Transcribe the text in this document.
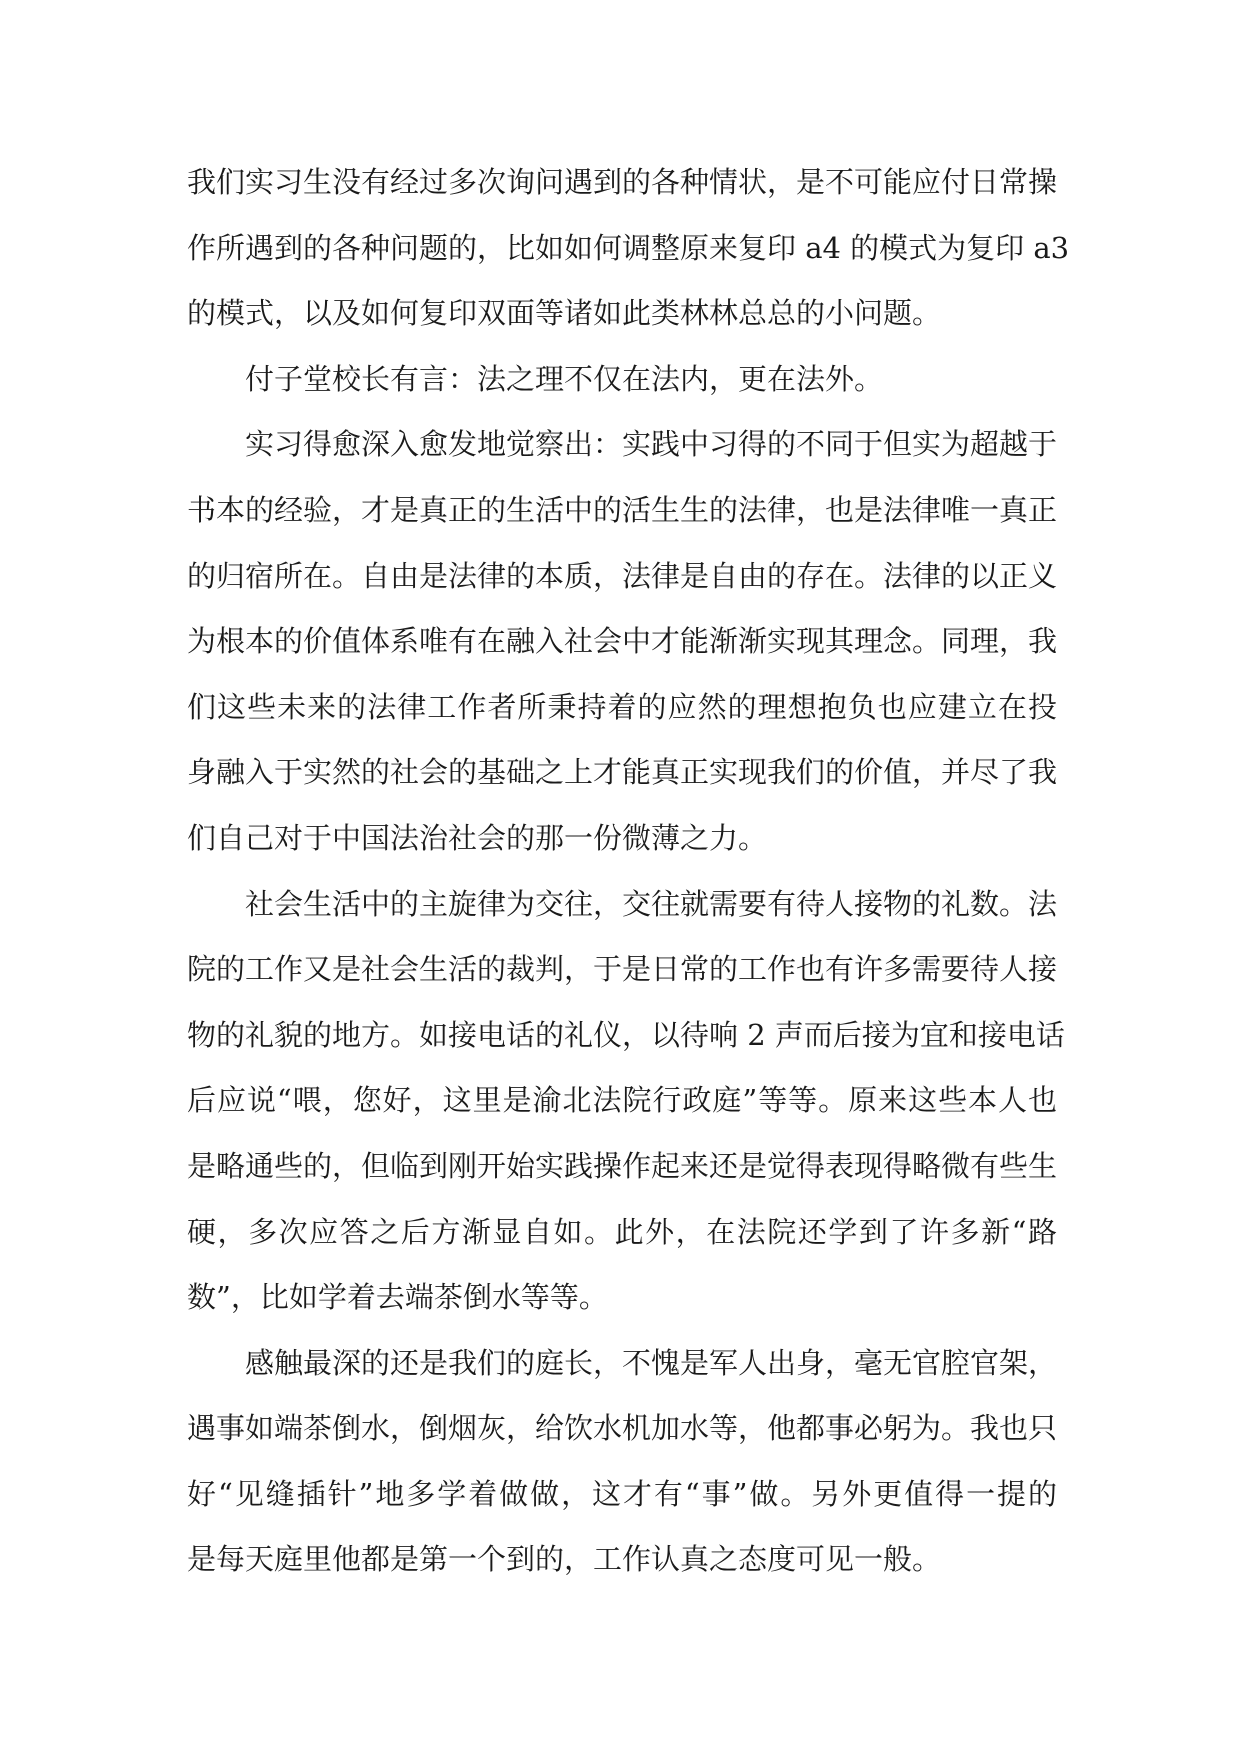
我们实习生没有经过多次询问遇到的各种情状，是不可能应付日常操
作所遇到的各种问题的，比如如何调整原来复印 a4 的模式为复印 a3
的模式，以及如何复印双面等诸如此类林林总总的小问题。
付子堂校长有言：法之理不仅在法内，更在法外。
实习得愈深入愈发地觉察出：实践中习得的不同于但实为超越于
书本的经验，才是真正的生活中的活生生的法律，也是法律唯一真正
的归宿所在。自由是法律的本质，法律是自由的存在。法律的以正义
为根本的价值体系唯有在融入社会中才能渐渐实现其理念。同理，我
们这些未来的法律工作者所秉持着的应然的理想抱负也应建立在投
身融入于实然的社会的基础之上才能真正实现我们的价值，并尽了我
们自己对于中国法治社会的那一份微薄之力。
社会生活中的主旋律为交往，交往就需要有待人接物的礼数。法
院的工作又是社会生活的裁判，于是日常的工作也有许多需要待人接
物的礼貌的地方。如接电话的礼仪，以待响 2 声而后接为宜和接电话
后应说“喂，您好，这里是渝北法院行政庭”等等。原来这些本人也
是略通些的，但临到刚开始实践操作起来还是觉得表现得略微有些生
硬，多次应答之后方渐显自如。此外，在法院还学到了许多新“路
数”，比如学着去端茶倒水等等。
感触最深的还是我们的庭长，不愧是军人出身，毫无官腔官架，
遇事如端茶倒水，倒烟灰，给饮水机加水等，他都事必躬为。我也只
好“见缝插针”地多学着做做，这才有“事”做。另外更值得一提的
是每天庭里他都是第一个到的，工作认真之态度可见一般。
